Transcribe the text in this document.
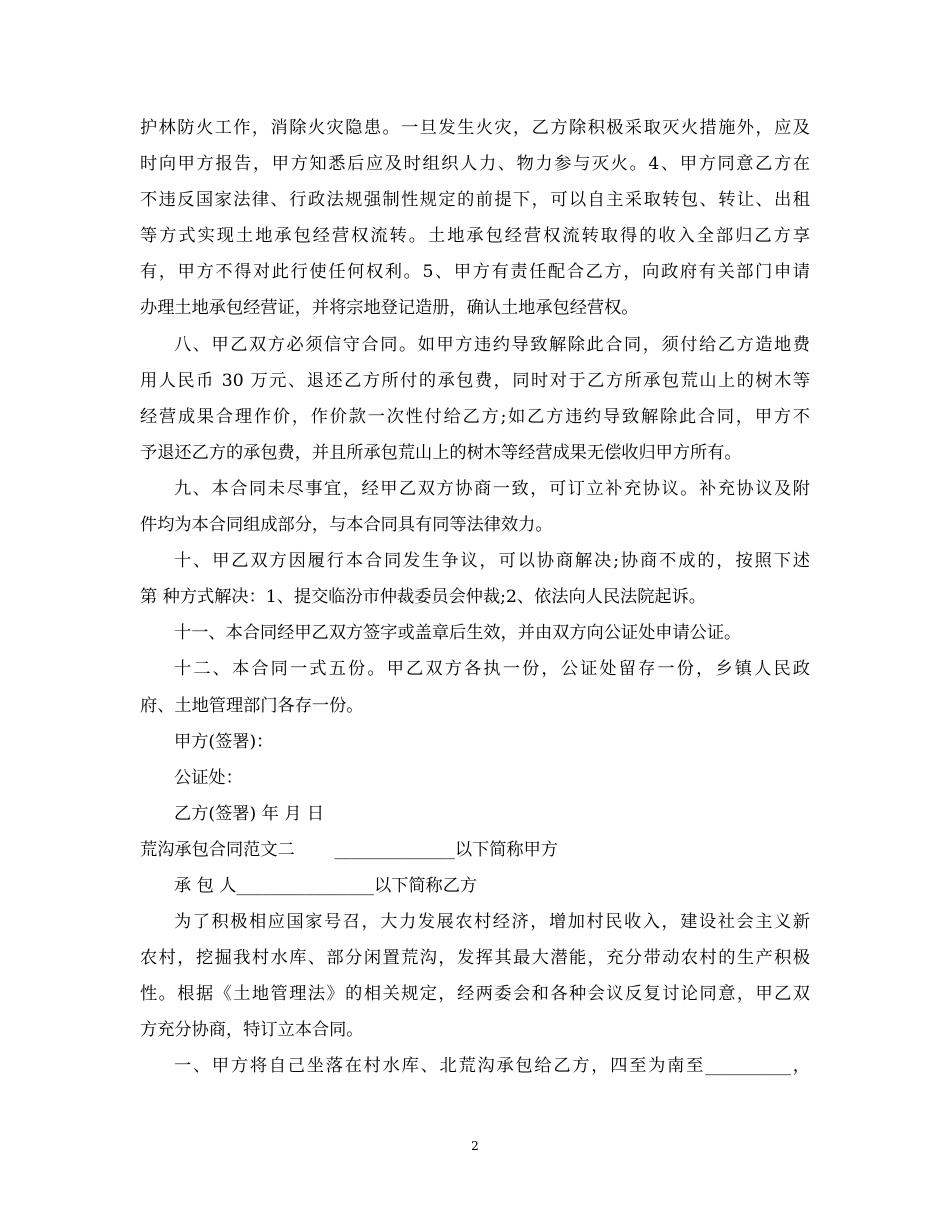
护林防火工作，消除火灾隐患。一旦发生火灾，乙方除积极采取灭火措施外，应及
时向甲方报告，甲方知悉后应及时组织人力、物力参与灭火。4、甲方同意乙方在
不违反国家法律、行政法规强制性规定的前提下，可以自主采取转包、转让、出租
等方式实现土地承包经营权流转。土地承包经营权流转取得的收入全部归乙方享
有，甲方不得对此行使任何权利。5、甲方有责任配合乙方，向政府有关部门申请
办理土地承包经营证，并将宗地登记造册，确认土地承包经营权。
八、甲乙双方必须信守合同。如甲方违约导致解除此合同，须付给乙方造地费
用人民币 30 万元、退还乙方所付的承包费，同时对于乙方所承包荒山上的树木等
经营成果合理作价，作价款一次性付给乙方;如乙方违约导致解除此合同，甲方不
予退还乙方的承包费，并且所承包荒山上的树木等经营成果无偿收归甲方所有。
九、本合同未尽事宜，经甲乙双方协商一致，可订立补充协议。补充协议及附
件均为本合同组成部分，与本合同具有同等法律效力。
十、甲乙双方因履行本合同发生争议，可以协商解决;协商不成的，按照下述
第 种方式解决：1、提交临汾市仲裁委员会仲裁;2、依法向人民法院起诉。
十一、本合同经甲乙双方签字或盖章后生效，并由双方向公证处申请公证。
十二、本合同一式五份。甲乙双方各执一份，公证处留存一份，乡镇人民政
府、土地管理部门各存一份。
甲方(签署)：
公证处：
乙方(签署) 年 月 日
荒沟承包合同范文二　　 ______________以下简称甲方
承 包 人________________以下简称乙方
为了积极相应国家号召，大力发展农村经济，增加村民收入，建设社会主义新
农村，挖掘我村水库、部分闲置荒沟，发挥其最大潜能，充分带动农村的生产积极
性。根据《土地管理法》的相关规定，经两委会和各种会议反复讨论同意，甲乙双
方充分协商，特订立本合同。
一、甲方将自己坐落在村水库、北荒沟承包给乙方，四至为南至__________，
2
